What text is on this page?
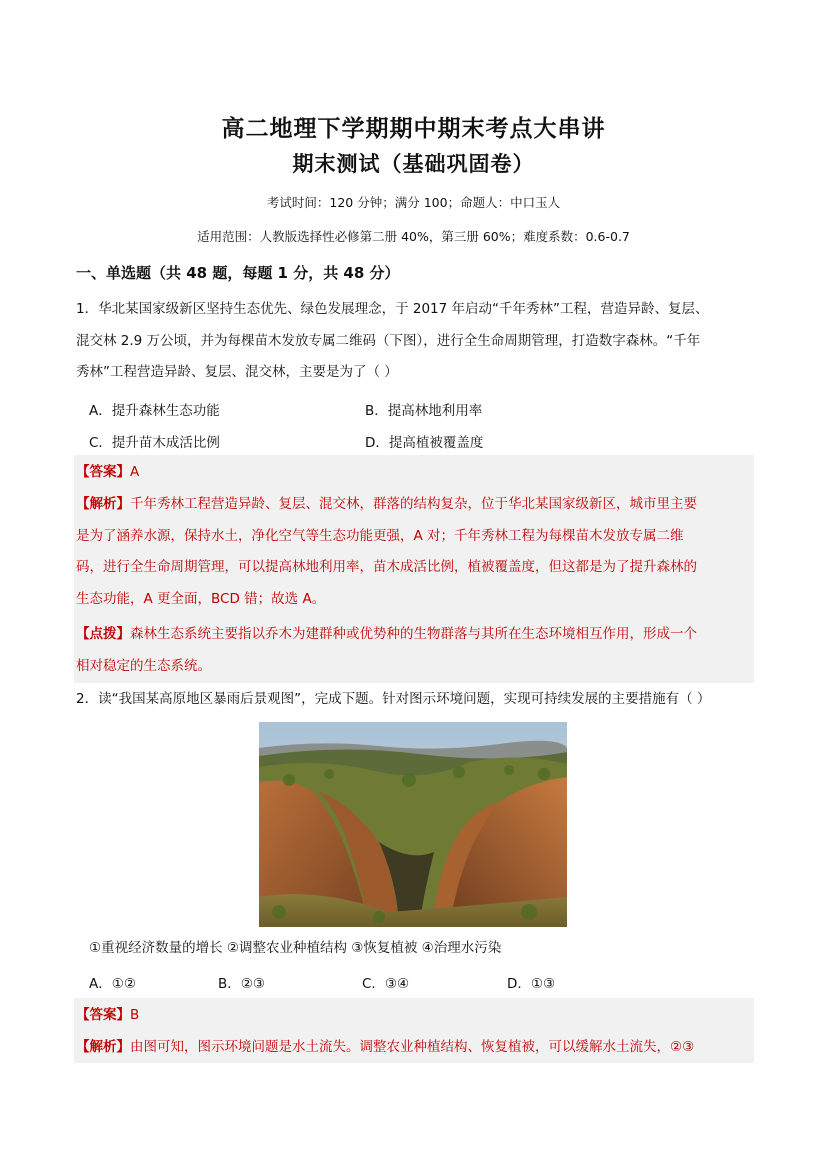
高二地理下学期期中期末考点大串讲
期末测试（基础巩固卷）
考试时间：120 分钟；满分 100；命题人：中口玉人
适用范围：人教版选择性必修第二册 40%，第三册 60%；难度系数：0.6-0.7
一、单选题（共 48 题，每题 1 分，共 48 分）
1．华北某国家级新区坚持生态优先、绿色发展理念，于 2017 年启动“千年秀林”工程，营造异龄、复层、
混交林 2.9 万公顷，并为每棵苗木发放专属二维码（下图），进行全生命周期管理，打造数字森林。“千年
秀林”工程营造异龄、复层、混交林，主要是为了（ ）
A．提升森林生态功能	B．提高林地利用率
C．提升苗木成活比例	D．提高植被覆盖度
【答案】A
【解析】千年秀林工程营造异龄、复层、混交林，群落的结构复杂，位于华北某国家级新区，城市里主要
是为了涵养水源，保持水土，净化空气等生态功能更强，A 对；千年秀林工程为每棵苗木发放专属二维
码，进行全生命周期管理，可以提高林地利用率，苗木成活比例，植被覆盖度，但这都是为了提升森林的
生态功能，A 更全面，BCD 错；故选 A。
【点拨】森林生态系统主要指以乔木为建群种或优势种的生物群落与其所在生态环境相互作用，形成一个
相对稳定的生态系统。
2．读“我国某高原地区暴雨后景观图”，完成下题。针对图示环境问题，实现可持续发展的主要措施有（ ）
①重视经济数量的增长 ②调整农业种植结构 ③恢复植被 ④治理水污染
A．①②	B．②③	C．③④	D．①③
【答案】B
【解析】由图可知，图示环境问题是水土流失。调整农业种植结构、恢复植被，可以缓解水土流失，②③
